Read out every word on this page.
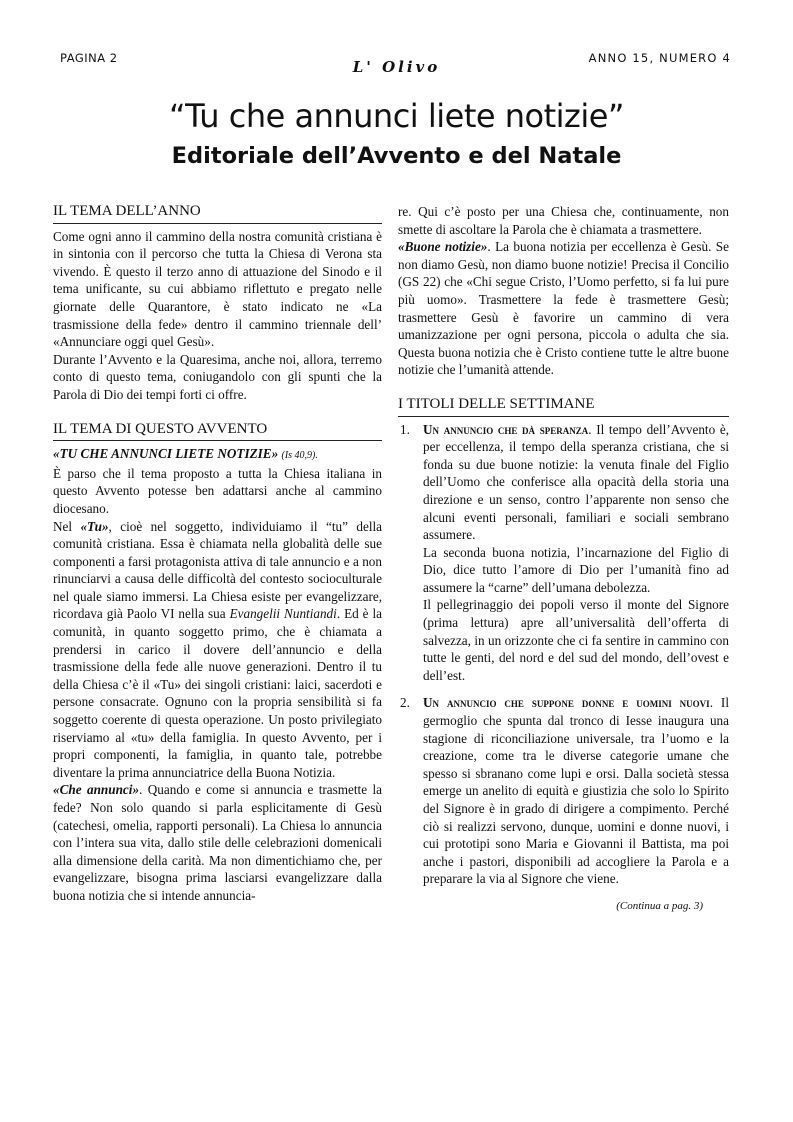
PAGINA 2	L' Olivo	ANNO 15, NUMERO 4
“Tu che annunci liete notizie”
Editoriale dell’Avvento e del Natale
IL TEMA DELL’ANNO

Come ogni anno il cammino della nostra comunità cristiana è in sintonia con il percorso che tutta la Chiesa di Verona sta vivendo. È questo il terzo anno di attuazione del Sinodo e il tema unificante, su cui abbiamo riflettuto e pregato nelle giornate delle Quarantore, è stato indicato ne «La trasmissione della fede» dentro il cammino triennale dell’ «Annunciare oggi quel Gesù».

Durante l’Avvento e la Quaresima, anche noi, allora, terremo conto di questo tema, coniugandolo con gli spunti che la Parola di Dio dei tempi forti ci offre.

IL TEMA DI QUESTO AVVENTO

«TU CHE ANNUNCI LIETE NOTIZIE» (Is 40,9).

È parso che il tema proposto a tutta la Chiesa italiana in questo Avvento potesse ben adattarsi anche al cammino diocesano.

Nel «Tu», cioè nel soggetto, individuiamo il “tu” della comunità cristiana. Essa è chiamata nella globalità delle sue componenti a farsi protagonista attiva di tale annuncio e a non rinunciarvi a causa delle difficoltà del contesto socioculturale nel quale siamo immersi. La Chiesa esiste per evangelizzare, ricordava già Paolo VI nella sua Evangelii Nuntiandi. Ed è la comunità, in quanto soggetto primo, che è chiamata a prendersi in carico il dovere dell’annuncio e della trasmissione della fede alle nuove generazioni. Dentro il tu della Chiesa c’è il «Tu» dei singoli cristiani: laici, sacerdoti e persone consacrate. Ognuno con la propria sensibilità si fa soggetto coerente di questa operazione. Un posto privilegiato riserviamo al «tu» della famiglia. In questo Avvento, per i propri componenti, la famiglia, in quanto tale, potrebbe diventare la prima annunciatrice della Buona Notizia.

«Che annunci». Quando e come si annuncia e trasmette la fede? Non solo quando si parla esplicitamente di Gesù (catechesi, omelia, rapporti personali). La Chiesa lo annuncia con l’intera sua vita, dallo stile delle celebrazioni domenicali alla dimensione della carità. Ma non dimentichiamo che, per evangelizzare, bisogna prima lasciarsi evangelizzare dalla buona notizia che si intende annuncia-

re. Qui c’è posto per una Chiesa che, continuamente, non smette di ascoltare la Parola che è chiamata a trasmettere.

«Buone notizie». La buona notizia per eccellenza è Gesù. Se non diamo Gesù, non diamo buone notizie! Precisa il Concilio (GS 22) che «Chi segue Cristo, l’Uomo perfetto, si fa lui pure più uomo». Trasmettere la fede è trasmettere Gesù; trasmettere Gesù è favorire un cammino di vera umanizzazione per ogni persona, piccola o adulta che sia. Questa buona notizia che è Cristo contiene tutte le altre buone notizie che l’umanità attende.

I TITOLI DELLE SETTIMANE
1. Un annuncio che dà speranza. Il tempo dell’Avvento è, per eccellenza, il tempo della speranza cristiana, che si fonda su due buone notizie: la venuta finale del Figlio dell’Uomo che conferisce alla opacità della storia una direzione e un senso, contro l’apparente non senso che alcuni eventi personali, familiari e sociali sembrano assumere.

La seconda buona notizia, l’incarnazione del Figlio di Dio, dice tutto l’amore di Dio per l’umanità fino ad assumere la “carne” dell’umana debolezza.

Il pellegrinaggio dei popoli verso il monte del Signore (prima lettura) apre all’universalità dell’offerta di salvezza, in un orizzonte che ci fa sentire in cammino con tutte le genti, del nord e del sud del mondo, dell’ovest e dell’est.

2. Un annuncio che suppone donne e uomini nuovi. Il germoglio che spunta dal tronco di Iesse inaugura una stagione di riconciliazione universale, tra l’uomo e la creazione, come tra le diverse categorie umane che spesso si sbranano come lupi e orsi. Dalla società stessa emerge un anelito di equità e giustizia che solo lo Spirito del Signore è in grado di dirigere a compimento. Perché ciò si realizzi servono, dunque, uomini e donne nuovi, i cui prototipi sono Maria e Giovanni il Battista, ma poi anche i pastori, disponibili ad accogliere la Parola e a preparare la via al Signore che viene.

(Continua a pag. 3)
